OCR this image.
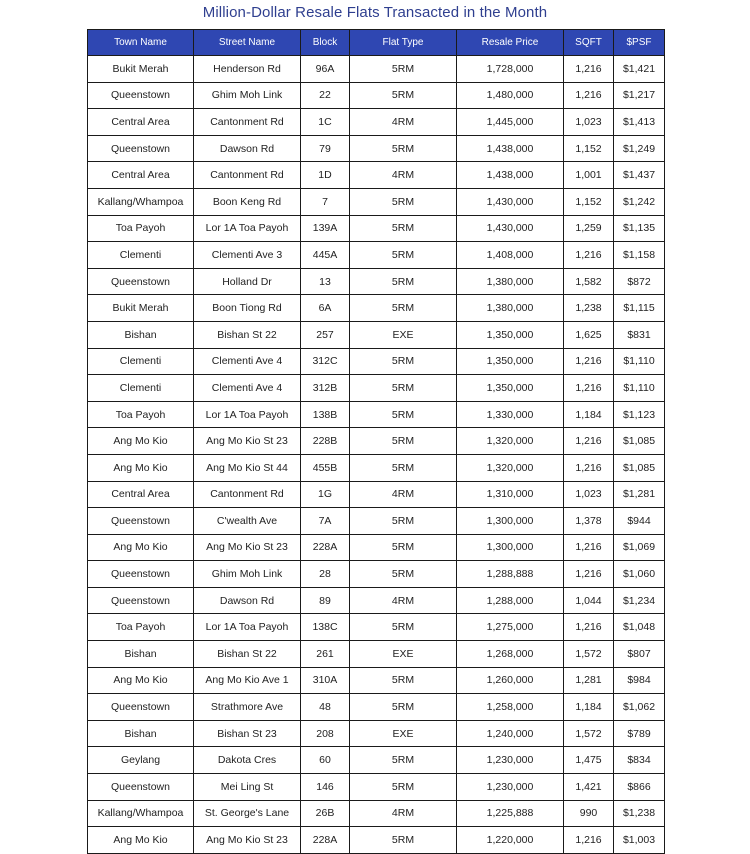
Million-Dollar Resale Flats Transacted in the Month
Town Name	Street Name	Block	Flat Type	Resale Price	SQFT	$PSF
Bukit Merah	Henderson Rd	96A	5RM	1,728,000	1,216	$1,421
Queenstown	Ghim Moh Link	22	5RM	1,480,000	1,216	$1,217
Central Area	Cantonment Rd	1C	4RM	1,445,000	1,023	$1,413
Queenstown	Dawson Rd	79	5RM	1,438,000	1,152	$1,249
Central Area	Cantonment Rd	1D	4RM	1,438,000	1,001	$1,437
Kallang/Whampoa	Boon Keng Rd	7	5RM	1,430,000	1,152	$1,242
Toa Payoh	Lor 1A Toa Payoh	139A	5RM	1,430,000	1,259	$1,135
Clementi	Clementi Ave 3	445A	5RM	1,408,000	1,216	$1,158
Queenstown	Holland Dr	13	5RM	1,380,000	1,582	$872
Bukit Merah	Boon Tiong Rd	6A	5RM	1,380,000	1,238	$1,115
Bishan	Bishan St 22	257	EXE	1,350,000	1,625	$831
Clementi	Clementi Ave 4	312C	5RM	1,350,000	1,216	$1,110
Clementi	Clementi Ave 4	312B	5RM	1,350,000	1,216	$1,110
Toa Payoh	Lor 1A Toa Payoh	138B	5RM	1,330,000	1,184	$1,123
Ang Mo Kio	Ang Mo Kio St 23	228B	5RM	1,320,000	1,216	$1,085
Ang Mo Kio	Ang Mo Kio St 44	455B	5RM	1,320,000	1,216	$1,085
Central Area	Cantonment Rd	1G	4RM	1,310,000	1,023	$1,281
Queenstown	C'wealth Ave	7A	5RM	1,300,000	1,378	$944
Ang Mo Kio	Ang Mo Kio St 23	228A	5RM	1,300,000	1,216	$1,069
Queenstown	Ghim Moh Link	28	5RM	1,288,888	1,216	$1,060
Queenstown	Dawson Rd	89	4RM	1,288,000	1,044	$1,234
Toa Payoh	Lor 1A Toa Payoh	138C	5RM	1,275,000	1,216	$1,048
Bishan	Bishan St 22	261	EXE	1,268,000	1,572	$807
Ang Mo Kio	Ang Mo Kio Ave 1	310A	5RM	1,260,000	1,281	$984
Queenstown	Strathmore Ave	48	5RM	1,258,000	1,184	$1,062
Bishan	Bishan St 23	208	EXE	1,240,000	1,572	$789
Geylang	Dakota Cres	60	5RM	1,230,000	1,475	$834
Queenstown	Mei Ling St	146	5RM	1,230,000	1,421	$866
Kallang/Whampoa	St. George's Lane	26B	4RM	1,225,888	990	$1,238
Ang Mo Kio	Ang Mo Kio St 23	228A	5RM	1,220,000	1,216	$1,003
